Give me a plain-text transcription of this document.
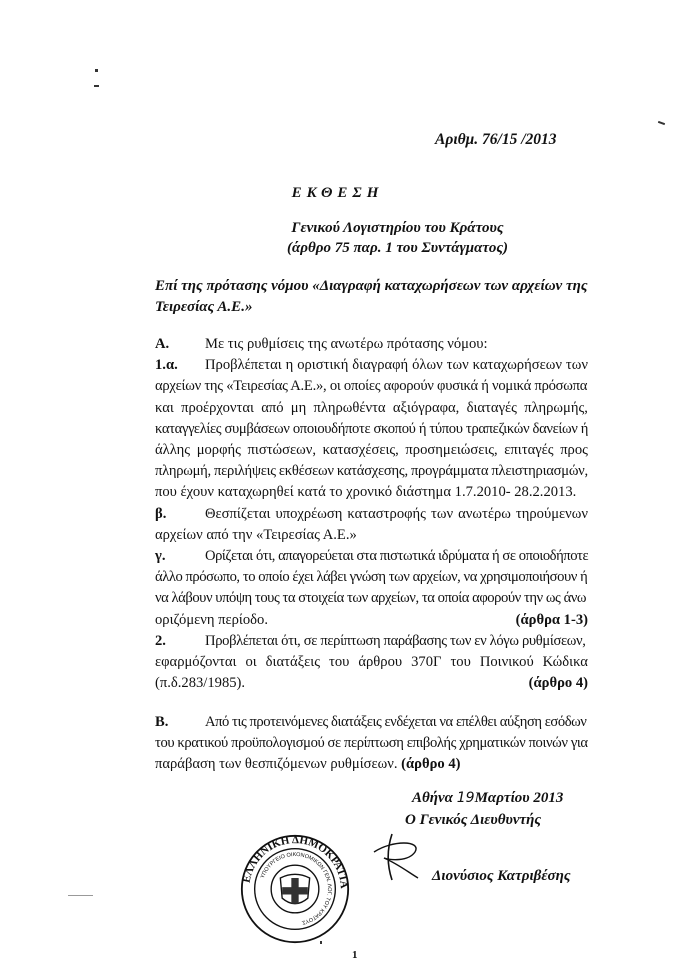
Αριθμ. 76/15 /2013
ΕΚΘΕΣΗ
Γενικού Λογιστηρίου του Κράτους
(άρθρο 75 παρ. 1 του Συντάγματος)
Επί της πρότασης νόμου «Διαγραφή καταχωρήσεων των αρχείων της Τειρεσίας Α.Ε.»
Α.	Με τις ρυθμίσεις της ανωτέρω πρότασης νόμου:
1.α.	Προβλέπεται η οριστική διαγραφή όλων των καταχωρήσεων των
αρχείων της «Τειρεσίας Α.Ε.», οι οποίες αφορούν φυσικά ή νομικά πρόσωπα
και προέρχονται από μη πληρωθέντα αξιόγραφα, διαταγές πληρωμής,
καταγγελίες συμβάσεων οποιουδήποτε σκοπού ή τύπου τραπεζικών δανείων ή
άλλης μορφής πιστώσεων, κατασχέσεις, προσημειώσεις, επιταγές προς
πληρωμή, περιλήψεις εκθέσεων κατάσχεσης, προγράμματα πλειστηριασμών,
που έχουν καταχωρηθεί κατά το χρονικό διάστημα 1.7.2010- 28.2.2013.
β.	Θεσπίζεται υποχρέωση καταστροφής των ανωτέρω τηρούμενων
αρχείων από την «Τειρεσίας Α.Ε.»
γ.	Ορίζεται ότι, απαγορεύεται στα πιστωτικά ιδρύματα ή σε οποιοδήποτε
άλλο πρόσωπο, το οποίο έχει λάβει γνώση των αρχείων, να χρησιμοποιήσουν ή
να λάβουν υπόψη τους τα στοιχεία των αρχείων, τα οποία αφορούν την ως άνω
οριζόμενη περίοδο.	(άρθρα 1-3)
2.	Προβλέπεται ότι, σε περίπτωση παράβασης των εν λόγω ρυθμίσεων,
εφαρμόζονται οι διατάξεις του άρθρου 370Γ του Ποινικού Κώδικα
(π.δ.283/1985).	(άρθρο 4)
Β.	Από τις προτεινόμενες διατάξεις ενδέχεται να επέλθει αύξηση εσόδων
του κρατικού προϋπολογισμού σε περίπτωση επιβολής χρηματικών ποινών για
παράβαση των θεσπιζόμενων ρυθμίσεων. (άρθρο 4)
Αθήνα 19Μαρτίου 2013
Ο Γενικός Διευθυντής
Διονύσιος Κατριβέσης
ΕΛΛΗΝΙΚΗ ΔΗΜΟΚΡΑΤΙΑ
ΥΠΟΥΡΓΕΙΟ ΟΙΚΟΝΟΜΙΚΩΝ ΓΕΝ. ΛΟΓ. ΤΟΥ ΚΡΑΤΟΥΣ
1
